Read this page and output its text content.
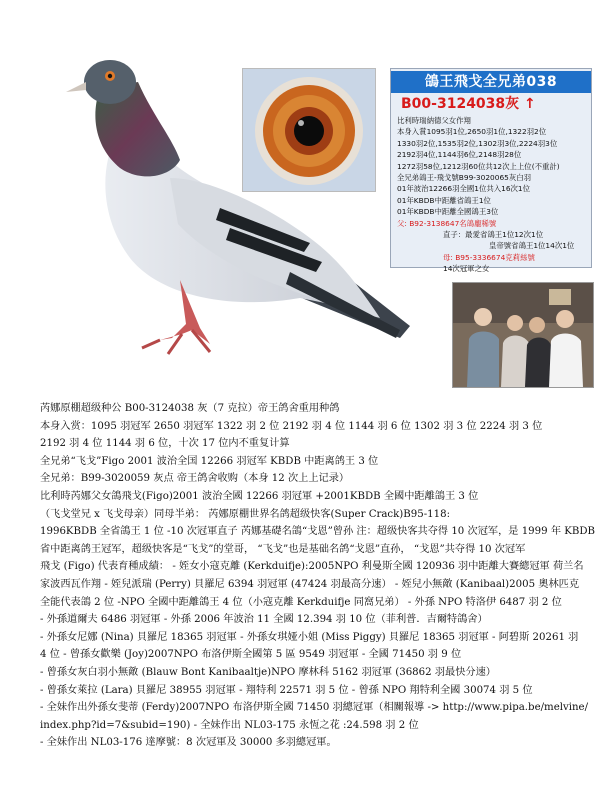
鴿王飛戈全兄弟038
B00-3124038灰 ↑
比利時瑞納德父女作翔
本身入賞1095羽1位,2650羽1位,1322羽2位
1330羽2位,1535羽2位,1302羽3位,2224羽3位
2192羽4位,1144羽6位,2148羽28位
1272羽58位,1212羽60位共12次上上位(不重計)
全兄弟鴿王-飛戈號B99-3020065灰白羽
01年波治12266羽全國1位共入16次1位
01年KBDB中距離省鴿王1位
01年KBDB中距離全國鴿王3位
父: B92-3138647名鴿龐稀號
直子：最愛省鴿王1位12次1位
皇帝號省鴿王1位14次1位
母: B95-3336674克莉絲號
14次冠軍之女

芮娜原棚超级种公 B00-3124038 灰（7 克拉）帝王鸽舍重用种鸽

本身入赏：1095 羽冠军 2650 羽冠军 1322 羽 2 位 2192 羽 4 位 1144 羽 6 位 1302 羽 3 位 2224 羽 3 位

2192 羽 4 位 1144 羽 6 位，十次 17 位内不重复计算

全兄弟“飞戈”Figo 2001 波治全国 12266 羽冠军 KBDB 中距离鸽王 3 位

全兄弟：B99-3020059 灰点 帝王鸽舍收购（本身 12 次上上记录）

比利時芮娜父女鴿飛戈(Figo)2001 波治全國 12266 羽冠軍 +2001KBDB 全國中距離鴿王 3 位

（飞戈堂兄 x 飞戈母亲）同母半弟： 芮娜原棚世界名鸽超级快客(Super Crack)B95-118:

1996KBDB 全省鴿王 1 位 -10 次冠軍直子 芮娜基礎名鴿“戈恩”曾孙 注：超级快客共夺得 10 次冠军，是 1999 年 KBDB

省中距离鸽王冠军，超级快客是“飞戈”的堂哥， “飞戈”也是基础名鸽“戈恩”直孙， “戈恩”共夺得 10 次冠军

飛戈 (Figo) 代表育種成績： - 姪女小寇克離 (Kerkduifje):2005NPO 利曼斯全國 120936 羽中距離大賽總冠軍 荷兰名

家波西瓦作翔 - 姪兒派瑞 (Perry) 貝羅尼 6394 羽冠軍 (47424 羽最高分速） - 姪兒小無敵 (Kanibaal)2005 奧林匹克

全能代表鴿 2 位 -NPO 全國中距離鴿王 4 位（小寇克離 Kerkduifje 同窩兄弟） - 外孫 NPO 特洛伊 6487 羽 2 位

- 外孫道爾夫 6486 羽冠軍 - 外孫 2006 年波治 11 全國 12.394 羽 10 位（菲利普．吉爾特鴿舍）

- 外孫女尼娜 (Nina) 貝羅尼 18365 羽冠軍 - 外孫女琪娅小姐 (Miss Piggy) 貝羅尼 18365 羽冠軍 - 阿碧斯 20261 羽

4 位 - 曾孫女歡樂 (Joy)2007NPO 布洛伊斯全國第 5 區 9549 羽冠軍 - 全國 71450 羽 9 位

- 曾孫女灰白羽小無敵 (Blauw Bont Kanibaaltje)NPO 摩林科 5162 羽冠軍 (36862 羽最快分速）

- 曾孫女萊拉 (Lara) 貝羅尼 38955 羽冠軍 - 翔特利 22571 羽 5 位 - 曾孫 NPO 翔特利全國 30074 羽 5 位

- 全妹作出外孫女斐蒂 (Ferdy)2007NPO 布洛伊斯全國 71450 羽總冠軍（相關報導 -> http://www.pipa.be/melvine/

index.php?id=7&subid=190) - 全妹作出 NL03-175 永恆之花 :24.598 羽 2 位

- 全妹作出 NL03-176 達摩號：8 次冠軍及 30000 多羽總冠軍。
